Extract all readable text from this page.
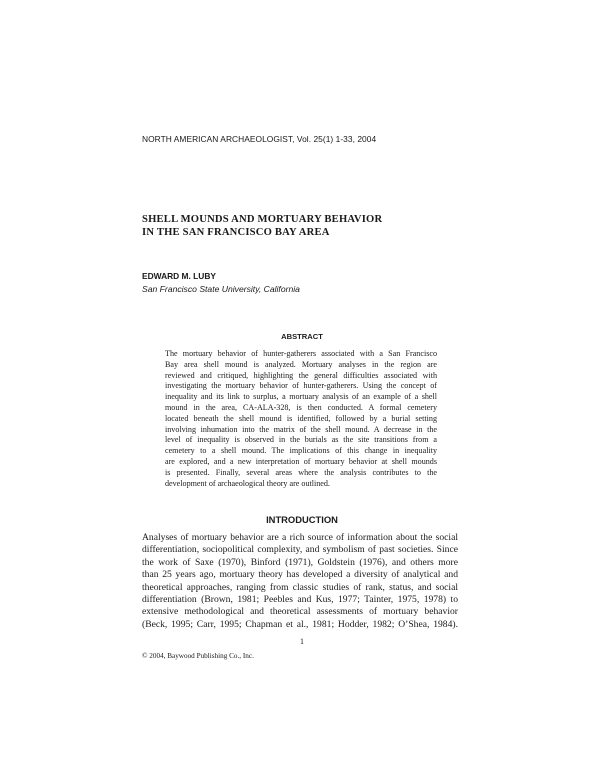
NORTH AMERICAN ARCHAEOLOGIST, Vol. 25(1) 1-33, 2004
SHELL MOUNDS AND MORTUARY BEHAVIOR
IN THE SAN FRANCISCO BAY AREA
EDWARD M. LUBY
San Francisco State University, California
ABSTRACT
The mortuary behavior of hunter-gatherers associated with a San Francisco
Bay area shell mound is analyzed. Mortuary analyses in the region are
reviewed and critiqued, highlighting the general difficulties associated with
investigating the mortuary behavior of hunter-gatherers. Using the concept of
inequality and its link to surplus, a mortuary analysis of an example of a shell
mound in the area, CA-ALA-328, is then conducted. A formal cemetery
located beneath the shell mound is identified, followed by a burial setting
involving inhumation into the matrix of the shell mound. A decrease in the
level of inequality is observed in the burials as the site transitions from a
cemetery to a shell mound. The implications of this change in inequality
are explored, and a new interpretation of mortuary behavior at shell mounds
is presented. Finally, several areas where the analysis contributes to the
development of archaeological theory are outlined.
INTRODUCTION
Analyses of mortuary behavior are a rich source of information about the social
differentiation, sociopolitical complexity, and symbolism of past societies. Since
the work of Saxe (1970), Binford (1971), Goldstein (1976), and others more
than 25 years ago, mortuary theory has developed a diversity of analytical and
theoretical approaches, ranging from classic studies of rank, status, and social
differentiation (Brown, 1981; Peebles and Kus, 1977; Tainter, 1975, 1978) to
extensive methodological and theoretical assessments of mortuary behavior
(Beck, 1995; Carr, 1995; Chapman et al., 1981; Hodder, 1982; O’Shea, 1984).
1
© 2004, Baywood Publishing Co., Inc.
